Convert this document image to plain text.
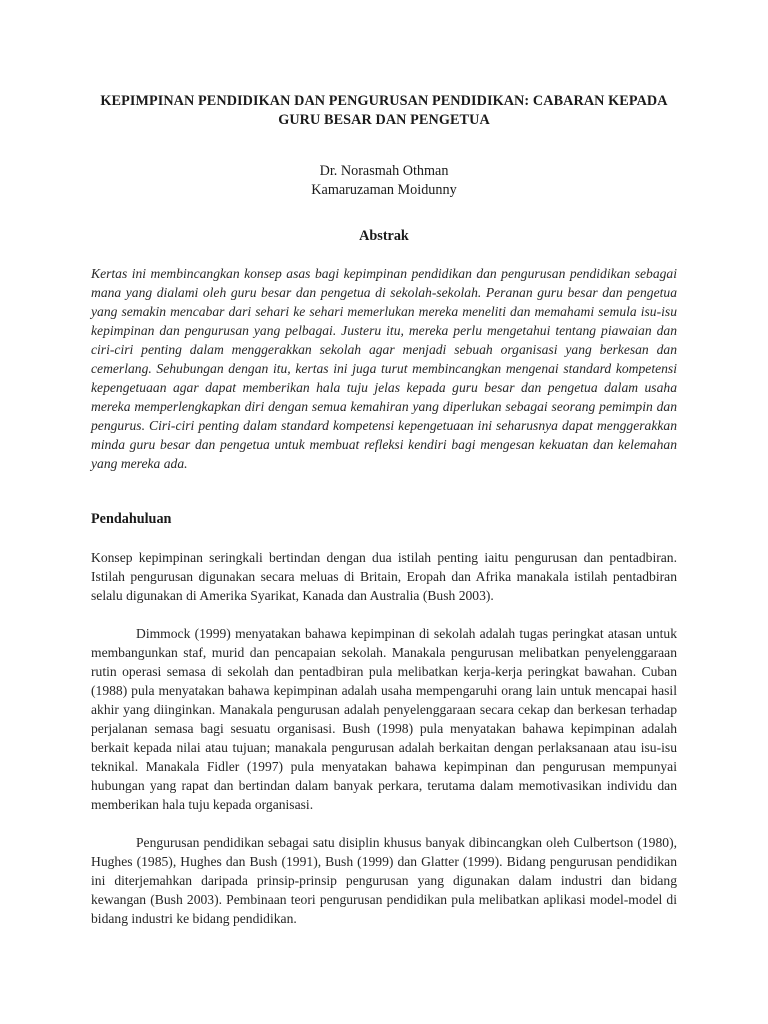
KEPIMPINAN PENDIDIKAN DAN PENGURUSAN PENDIDIKAN: CABARAN KEPADA GURU BESAR DAN PENGETUA
Dr. Norasmah Othman
Kamaruzaman Moidunny
Abstrak

Kertas ini membincangkan konsep asas bagi kepimpinan pendidikan dan pengurusan pendidikan sebagai mana yang dialami oleh guru besar dan pengetua di sekolah-sekolah. Peranan guru besar dan pengetua yang semakin mencabar dari sehari ke sehari memerlukan mereka meneliti dan memahami semula isu-isu kepimpinan dan pengurusan yang pelbagai. Justeru itu, mereka perlu mengetahui tentang piawaian dan ciri-ciri penting dalam menggerakkan sekolah agar menjadi sebuah organisasi yang berkesan dan cemerlang. Sehubungan dengan itu, kertas ini juga turut membincangkan mengenai standard kompetensi kepengetuaan agar dapat memberikan hala tuju jelas kepada guru besar dan pengetua dalam usaha mereka memperlengkapkan diri dengan semua kemahiran yang diperlukan sebagai seorang pemimpin dan pengurus. Ciri-ciri penting dalam standard kompetensi kepengetuaan ini seharusnya dapat menggerakkan minda guru besar dan pengetua untuk membuat refleksi kendiri bagi mengesan kekuatan dan kelemahan yang mereka ada.

Pendahuluan

Konsep kepimpinan seringkali bertindan dengan dua istilah penting iaitu pengurusan dan pentadbiran. Istilah pengurusan digunakan secara meluas di Britain, Eropah dan Afrika manakala istilah pentadbiran selalu digunakan di Amerika Syarikat, Kanada dan Australia (Bush 2003).

Dimmock (1999) menyatakan bahawa kepimpinan di sekolah adalah tugas peringkat atasan untuk membangunkan staf, murid dan pencapaian sekolah. Manakala pengurusan melibatkan penyelenggaraan rutin operasi semasa di sekolah dan pentadbiran pula melibatkan kerja-kerja peringkat bawahan. Cuban (1988) pula menyatakan bahawa kepimpinan adalah usaha mempengaruhi orang lain untuk mencapai hasil akhir yang diinginkan. Manakala pengurusan adalah penyelenggaraan secara cekap dan berkesan terhadap perjalanan semasa bagi sesuatu organisasi. Bush (1998) pula menyatakan bahawa kepimpinan adalah berkait kepada nilai atau tujuan; manakala pengurusan adalah berkaitan dengan perlaksanaan atau isu-isu teknikal. Manakala Fidler (1997) pula menyatakan bahawa kepimpinan dan pengurusan mempunyai hubungan yang rapat dan bertindan dalam banyak perkara, terutama dalam memotivasikan individu dan memberikan hala tuju kepada organisasi.

Pengurusan pendidikan sebagai satu disiplin khusus banyak dibincangkan oleh Culbertson (1980), Hughes (1985), Hughes dan Bush (1991), Bush (1999) dan Glatter (1999). Bidang pengurusan pendidikan ini diterjemahkan daripada prinsip-prinsip pengurusan yang digunakan dalam industri dan bidang kewangan (Bush 2003). Pembinaan teori pengurusan pendidikan pula melibatkan aplikasi model-model di bidang industri ke bidang pendidikan.
